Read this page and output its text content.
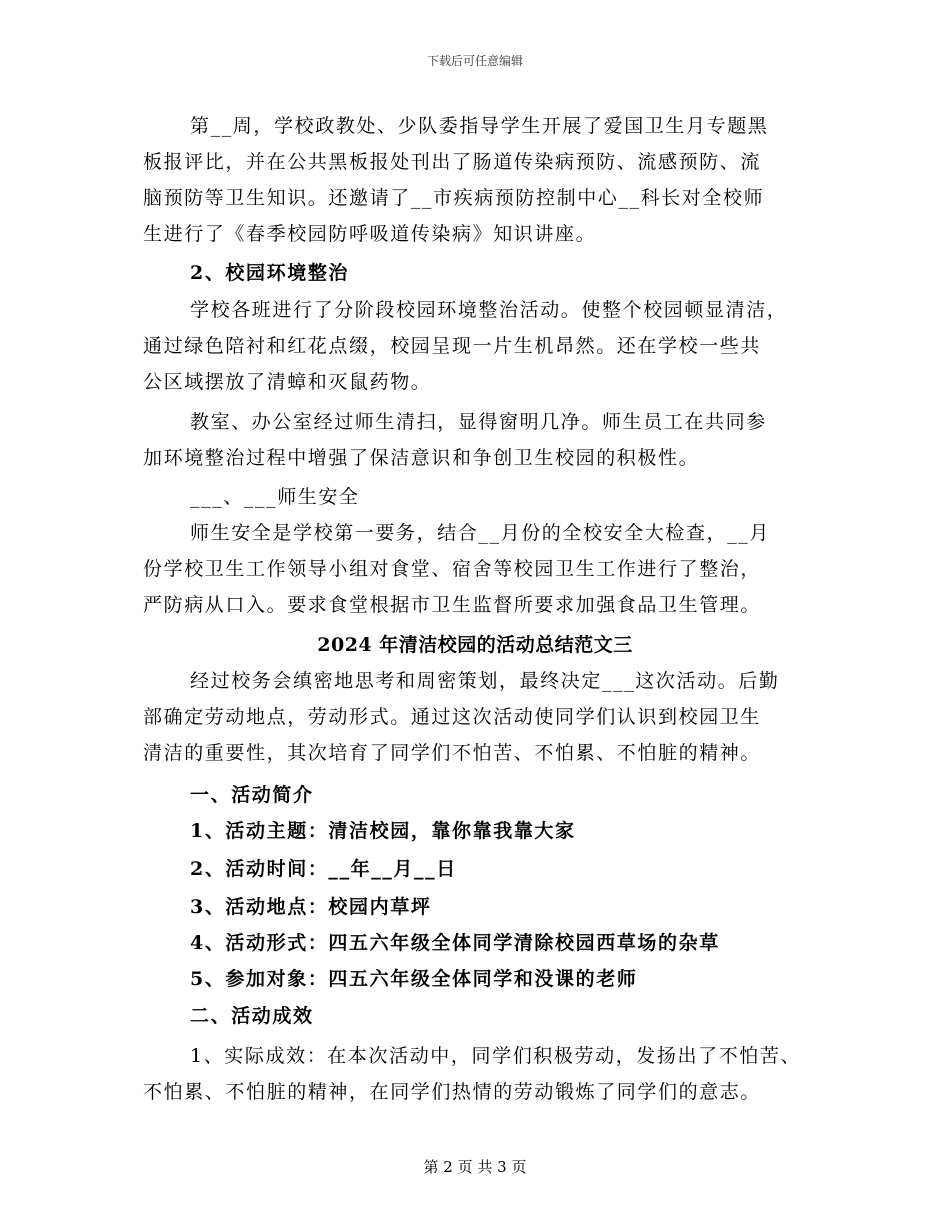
下载后可任意编辑
第__周，学校政教处、少队委指导学生开展了爱国卫生月专题黑
板报评比，并在公共黑板报处刊出了肠道传染病预防、流感预防、流
脑预防等卫生知识。还邀请了__市疾病预防控制中心__科长对全校师
生进行了《春季校园防呼吸道传染病》知识讲座。
2、校园环境整治
学校各班进行了分阶段校园环境整治活动。使整个校园顿显清洁，
通过绿色陪衬和红花点缀，校园呈现一片生机昂然。还在学校一些共
公区域摆放了清蟑和灭鼠药物。
教室、办公室经过师生清扫，显得窗明几净。师生员工在共同参
加环境整治过程中增强了保洁意识和争创卫生校园的积极性。
___、___师生安全
师生安全是学校第一要务，结合__月份的全校安全大检查，__月
份学校卫生工作领导小组对食堂、宿舍等校园卫生工作进行了整治，
严防病从口入。要求食堂根据市卫生监督所要求加强食品卫生管理。
2024 年清洁校园的活动总结范文三
经过校务会缜密地思考和周密策划，最终决定___这次活动。后勤
部确定劳动地点，劳动形式。通过这次活动使同学们认识到校园卫生
清洁的重要性，其次培育了同学们不怕苦、不怕累、不怕脏的精神。
一、活动简介
1、活动主题：清洁校园，靠你靠我靠大家
2、活动时间：__年__月__日
3、活动地点：校园内草坪
4、活动形式：四五六年级全体同学清除校园西草场的杂草
5、参加对象：四五六年级全体同学和没课的老师
二、活动成效
1、实际成效：在本次活动中，同学们积极劳动，发扬出了不怕苦、
不怕累、不怕脏的精神，在同学们热情的劳动锻炼了同学们的意志。
第 2 页 共 3 页
